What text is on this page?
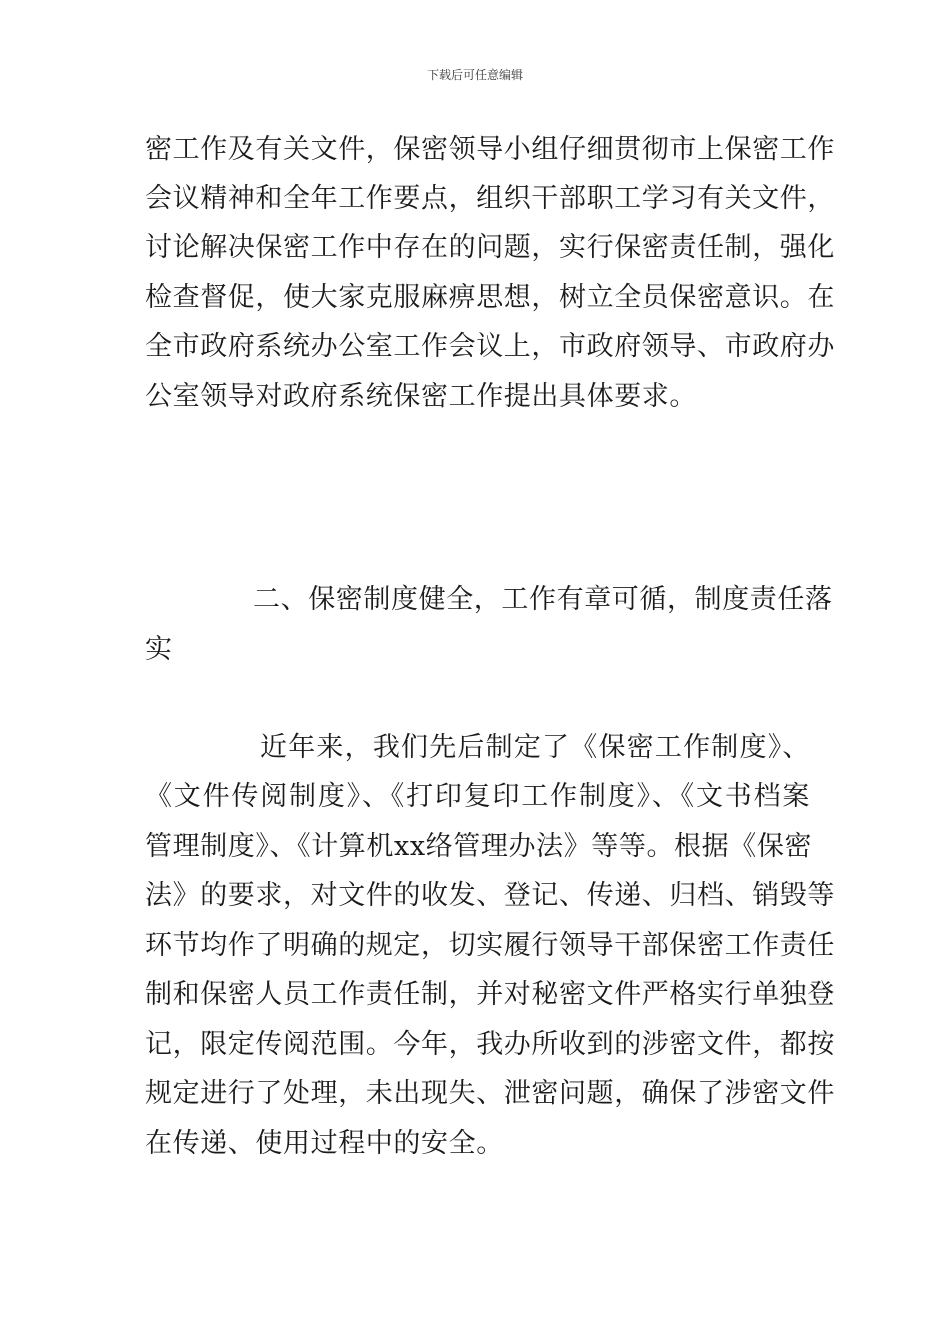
下载后可任意编辑
密工作及有关文件，保密领导小组仔细贯彻市上保密工作
会议精神和全年工作要点，组织干部职工学习有关文件，
讨论解决保密工作中存在的问题，实行保密责任制，强化
检查督促，使大家克服麻痹思想，树立全员保密意识。在
全市政府系统办公室工作会议上，市政府领导、市政府办
公室领导对政府系统保密工作提出具体要求。
二、保密制度健全，工作有章可循，制度责任落
实
近年来，我们先后制定了《保密工作制度》、
《文件传阅制度》、《打印复印工作制度》、《文书档案
管理制度》、《计算机xx络管理办法》等等。根据《保密
法》的要求，对文件的收发、登记、传递、归档、销毁等
环节均作了明确的规定，切实履行领导干部保密工作责任
制和保密人员工作责任制，并对秘密文件严格实行单独登
记，限定传阅范围。今年，我办所收到的涉密文件，都按
规定进行了处理，未出现失、泄密问题，确保了涉密文件
在传递、使用过程中的安全。
